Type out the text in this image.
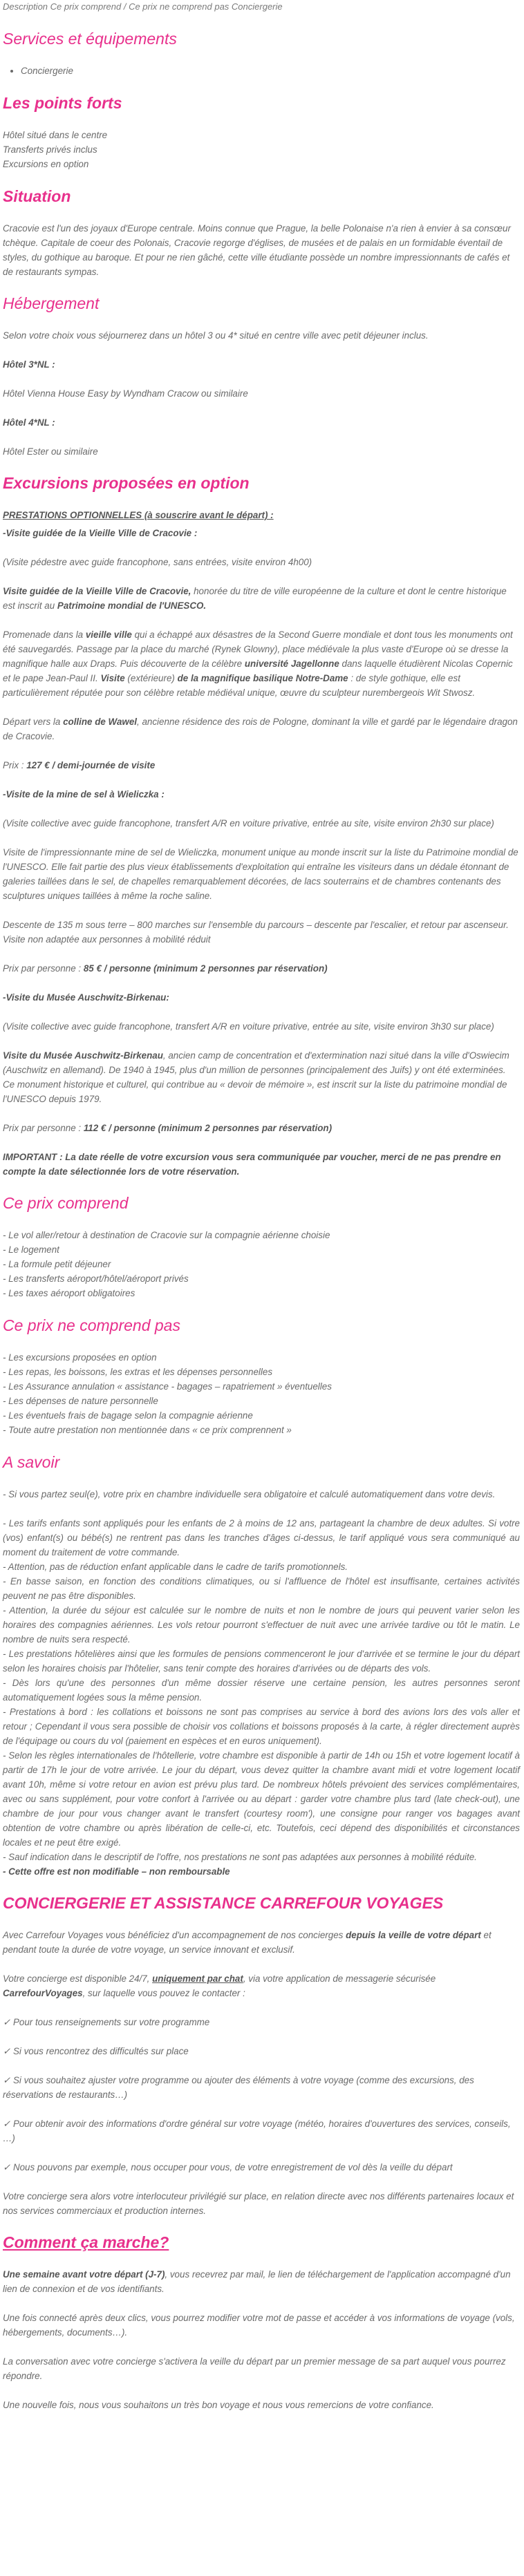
Description Ce prix comprend / Ce prix ne comprend pas Conciergerie
Services et équipements
• Conciergerie
Les points forts
Hôtel situé dans le centre
Transferts privés inclus
Excursions en option
Situation

Cracovie est l'un des joyaux d'Europe centrale. Moins connue que Prague, la belle Polonaise n'a rien à envier à sa consœur tchèque. Capitale de coeur des Polonais, Cracovie regorge d'églises, de musées et de palais en un formidable éventail de styles, du gothique au baroque. Et pour ne rien gâché, cette ville étudiante possède un nombre impressionnants de cafés et de restaurants sympas.

Hébergement

Selon votre choix vous séjournerez dans un hôtel 3 ou 4* situé en centre ville avec petit déjeuner inclus.

Hôtel 3*NL :

Hôtel Vienna House Easy by Wyndham Cracow ou similaire

Hôtel 4*NL :

Hôtel Ester ou similaire

Excursions proposées en option
PRESTATIONS OPTIONNELLES (à souscrire avant le départ) :

-Visite guidée de la Vieille Ville de Cracovie :

(Visite pédestre avec guide francophone, sans entrées, visite environ 4h00)

Visite guidée de la Vieille Ville de Cracovie, honorée du titre de ville européenne de la culture et dont le centre historique est inscrit au Patrimoine mondial de l'UNESCO.

Promenade dans la vieille ville qui a échappé aux désastres de la Second Guerre mondiale et dont tous les monuments ont été sauvegardés. Passage par la place du marché (Rynek Glowny), place médiévale la plus vaste d'Europe où se dresse la magnifique halle aux Draps. Puis découverte de la célèbre université Jagellonne dans laquelle étudièrent Nicolas Copernic et le pape Jean-Paul II. Visite (extérieure) de la magnifique basilique Notre-Dame : de style gothique, elle est particulièrement réputée pour son célèbre retable médiéval unique, œuvre du sculpteur nurembergeois Wit Stwosz.

Départ vers la colline de Wawel, ancienne résidence des rois de Pologne, dominant la ville et gardé par le légendaire dragon de Cracovie.

Prix : 127 € / demi-journée de visite

-Visite de la mine de sel à Wieliczka :

(Visite collective avec guide francophone, transfert A/R en voiture privative, entrée au site, visite environ 2h30 sur place)

Visite de l'impressionnante mine de sel de Wieliczka, monument unique au monde inscrit sur la liste du Patrimoine mondial de l'UNESCO. Elle fait partie des plus vieux établissements d'exploitation qui entraîne les visiteurs dans un dédale étonnant de galeries taillées dans le sel, de chapelles remarquablement décorées, de lacs souterrains et de chambres contenants des sculptures uniques taillées à même la roche saline.

Descente de 135 m sous terre – 800 marches sur l'ensemble du parcours – descente par l'escalier, et retour par ascenseur. Visite non adaptée aux personnes à mobilité réduit

Prix par personne : 85 € / personne (minimum 2 personnes par réservation)

-Visite du Musée Auschwitz-Birkenau:

(Visite collective avec guide francophone, transfert A/R en voiture privative, entrée au site, visite environ 3h30 sur place)

Visite du Musée Auschwitz-Birkenau, ancien camp de concentration et d'extermination nazi situé dans la ville d'Oswiecim (Auschwitz en allemand). De 1940 à 1945, plus d'un million de personnes (principalement des Juifs) y ont été exterminées. Ce monument historique et culturel, qui contribue au « devoir de mémoire », est inscrit sur la liste du patrimoine mondial de l'UNESCO depuis 1979.

Prix par personne : 112 € / personne (minimum 2 personnes par réservation)

IMPORTANT : La date réelle de votre excursion vous sera communiquée par voucher, merci de ne pas prendre en compte la date sélectionnée lors de votre réservation.

Ce prix comprend
- Le vol aller/retour à destination de Cracovie sur la compagnie aérienne choisie
- Le logement
- La formule petit déjeuner
- Les transferts aéroport/hôtel/aéroport privés
- Les taxes aéroport obligatoires
Ce prix ne comprend pas
- Les excursions proposées en option
- Les repas, les boissons, les extras et les dépenses personnelles
- Les Assurance annulation « assistance - bagages – rapatriement » éventuelles
- Les dépenses de nature personnelle
- Les éventuels frais de bagage selon la compagnie aérienne
- Toute autre prestation non mentionnée dans « ce prix comprennent »
A savoir

- Si vous partez seul(e), votre prix en chambre individuelle sera obligatoire et calculé automatiquement dans votre devis.

- Les tarifs enfants sont appliqués pour les enfants de 2 à moins de 12 ans, partageant la chambre de deux adultes. Si votre (vos) enfant(s) ou bébé(s) ne rentrent pas dans les tranches d'âges ci-dessus, le tarif appliqué vous sera communiqué au moment du traitement de votre commande.
- Attention, pas de réduction enfant applicable dans le cadre de tarifs promotionnels.
- En basse saison, en fonction des conditions climatiques, ou si l'affluence de l'hôtel est insuffisante, certaines activités peuvent ne pas être disponibles.
- Attention, la durée du séjour est calculée sur le nombre de nuits et non le nombre de jours qui peuvent varier selon les horaires des compagnies aériennes. Les vols retour pourront s'effectuer de nuit avec une arrivée tardive ou tôt le matin. Le nombre de nuits sera respecté.
- Les prestations hôtelières ainsi que les formules de pensions commenceront le jour d'arrivée et se termine le jour du départ selon les horaires choisis par l'hôtelier, sans tenir compte des horaires d'arrivées ou de départs des vols.
- Dès lors qu'une des personnes d'un même dossier réserve une certaine pension, les autres personnes seront automatiquement logées sous la même pension.
- Prestations à bord : les collations et boissons ne sont pas comprises au service à bord des avions lors des vols aller et retour ; Cependant il vous sera possible de choisir vos collations et boissons proposés à la carte, à régler directement auprès de l'équipage ou cours du vol (paiement en espèces et en euros uniquement).
- Selon les règles internationales de l'hôtellerie, votre chambre est disponible à partir de 14h ou 15h et votre logement locatif à partir de 17h le jour de votre arrivée. Le jour du départ, vous devez quitter la chambre avant midi et votre logement locatif avant 10h, même si votre retour en avion est prévu plus tard. De nombreux hôtels prévoient des services complémentaires, avec ou sans supplément, pour votre confort à l'arrivée ou au départ : garder votre chambre plus tard (late check-out), une chambre de jour pour vous changer avant le transfert (courtesy room'), une consigne pour ranger vos bagages avant obtention de votre chambre ou après libération de celle-ci, etc. Toutefois, ceci dépend des disponibilités et circonstances locales et ne peut être exigé.
- Sauf indication dans le descriptif de l'offre, nos prestations ne sont pas adaptées aux personnes à mobilité réduite.
- Cette offre est non modifiable – non remboursable
CONCIERGERIE ET ASSISTANCE CARREFOUR VOYAGES

Avec Carrefour Voyages vous bénéficiez d'un accompagnement de nos concierges depuis la veille de votre départ et pendant toute la durée de votre voyage, un service innovant et exclusif.

Votre concierge est disponible 24/7, uniquement par chat, via votre application de messagerie sécurisée CarrefourVoyages, sur laquelle vous pouvez le contacter :

✓ Pour tous renseignements sur votre programme

✓ Si vous rencontrez des difficultés sur place

✓ Si vous souhaitez ajuster votre programme ou ajouter des éléments à votre voyage (comme des excursions, des réservations de restaurants…)

✓ Pour obtenir avoir des informations d'ordre général sur votre voyage (météo, horaires d'ouvertures des services, conseils, …)

✓ Nous pouvons par exemple, nous occuper pour vous, de votre enregistrement de vol dès la veille du départ

Votre concierge sera alors votre interlocuteur privilégié sur place, en relation directe avec nos différents partenaires locaux et nos services commerciaux et production internes.

Comment ça marche?

Une semaine avant votre départ (J-7), vous recevrez par mail, le lien de téléchargement de l'application accompagné d'un lien de connexion et de vos identifiants.

Une fois connecté après deux clics, vous pourrez modifier votre mot de passe et accéder à vos informations de voyage (vols, hébergements, documents…).

La conversation avec votre concierge s'activera la veille du départ par un premier message de sa part auquel vous pourrez répondre.

Une nouvelle fois, nous vous souhaitons un très bon voyage et nous vous remercions de votre confiance.
